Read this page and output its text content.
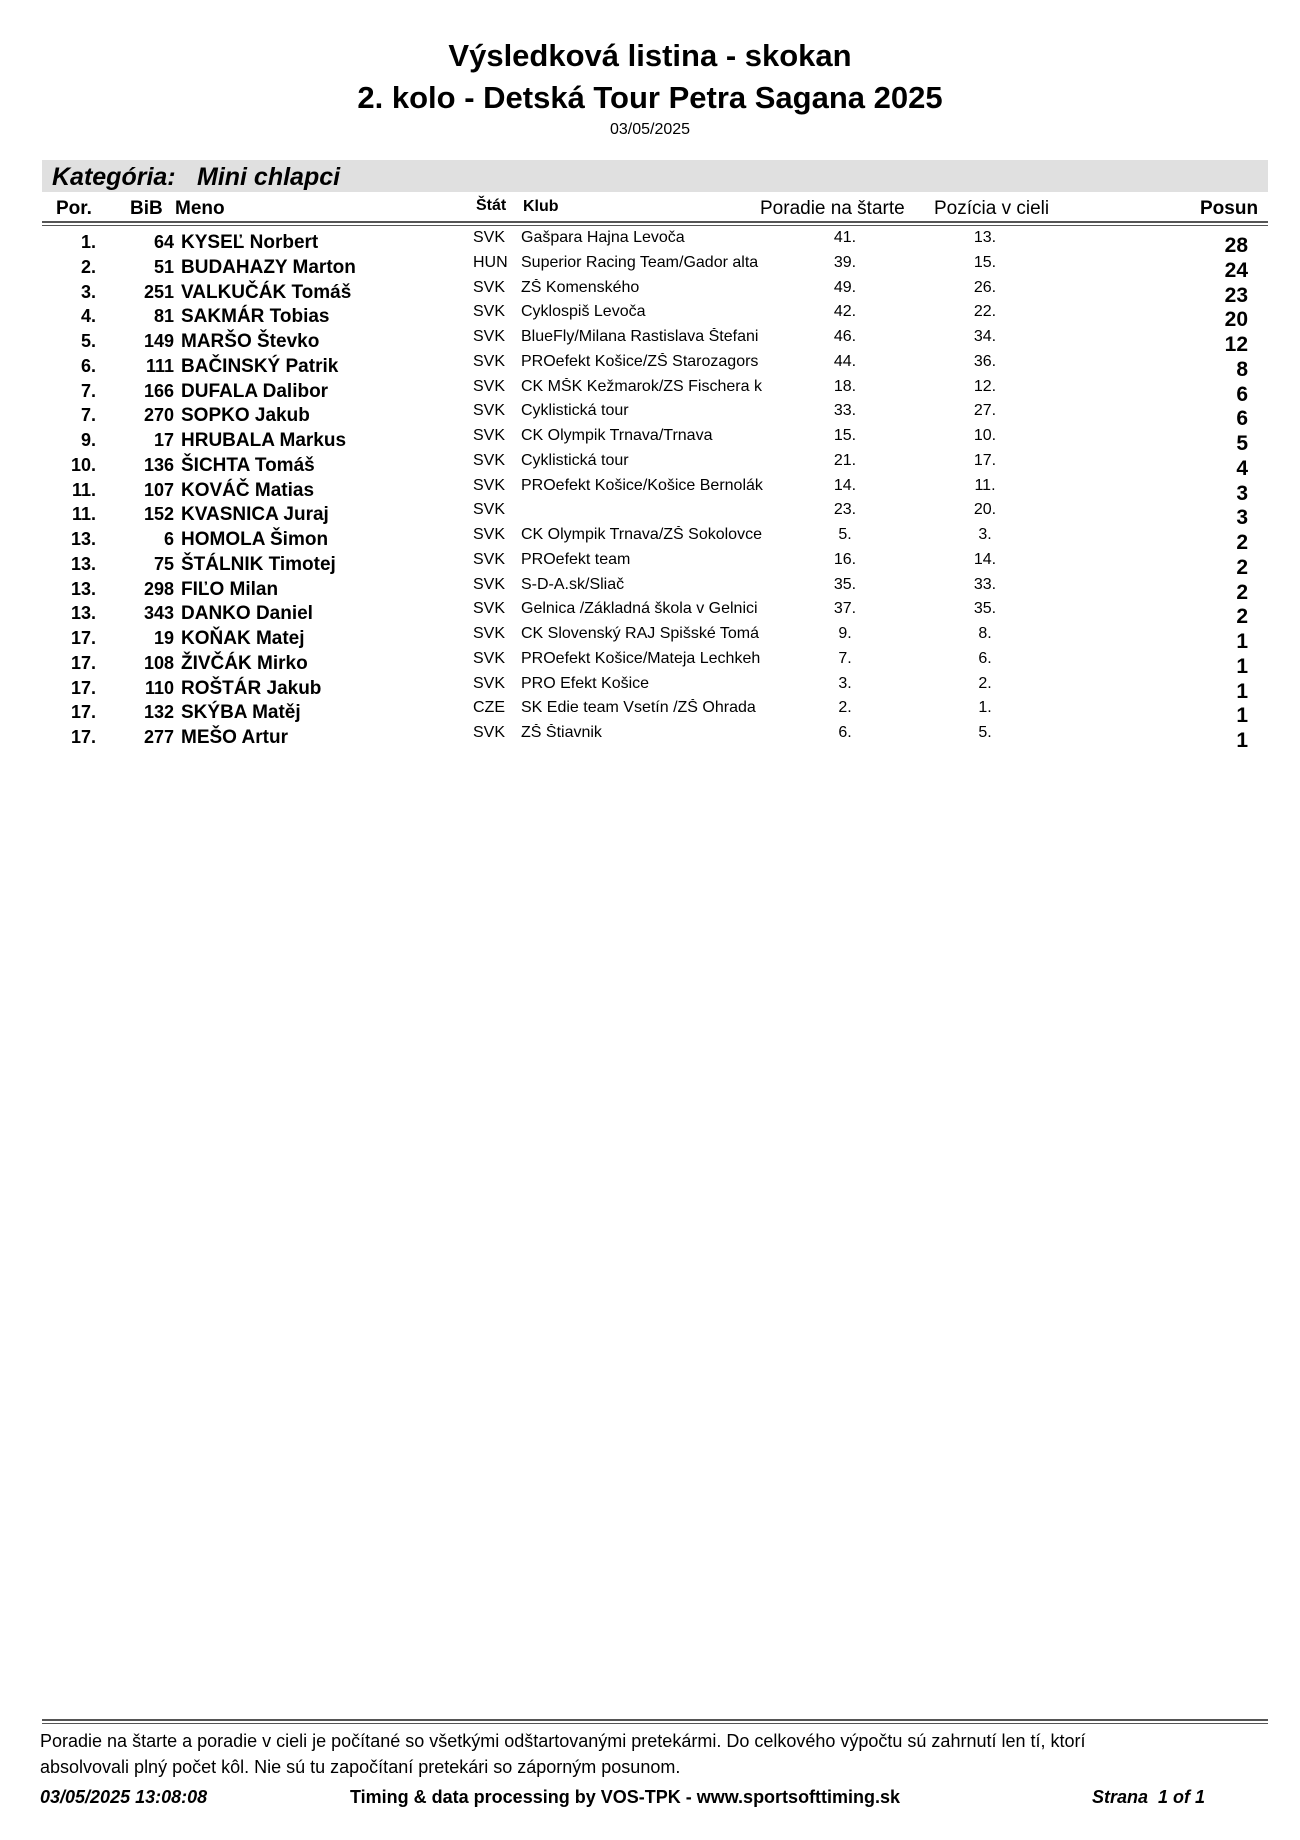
Výsledková listina - skokan
2. kolo - Detská Tour Petra Sagana 2025
03/05/2025
Kategória: Mini chlapci
Por. BiB Meno	Štát Klub	Poradie na štarte Pozícia v cieli	Posun
1.	64 KYSEĽ Norbert	SVK Gašpara Hajna Levoča	41.	13.	28
2.	51 BUDAHAZY Marton	HUN Superior Racing Team/Gador alta	39.	15.	24
3.	251 VALKUČÁK Tomáš	SVK ZŠ Komenského	49.	26.	23
4.	81 SAKMÁR Tobias	SVK Cyklospiš Levoča	42.	22.	20
5.	149 MARŠO Števko	SVK BlueFly/Milana Rastislava Štefani	46.	34.	12
6.	111 BAČINSKÝ Patrik	SVK PROefekt Košice/ZŠ Starozagors	44.	36.	8
7.	166 DUFALA Dalibor	SVK CK MŠK Kežmarok/ZS Fischera k	18.	12.	6
7.	270 SOPKO Jakub	SVK Cyklistická tour	33.	27.	6
9.	17 HRUBALA Markus	SVK CK Olympik Trnava/Trnava	15.	10.	5
10.	136 ŠICHTA Tomáš	SVK Cyklistická tour	21.	17.	4
11.	107 KOVÁČ Matias	SVK PROefekt Košice/Košice Bernolák	14.	11.	3
11.	152 KVASNICA Juraj	SVK	23.	20.	3
13.	6 HOMOLA Šimon	SVK CK Olympik Trnava/ZŠ Sokolovce	5.	3.	2
13.	75 ŠTÁLNIK Timotej	SVK PROefekt team	16.	14.	2
13.	298 FIĽO Milan	SVK S-D-A.sk/Sliač	35.	33.	2
13.	343 DANKO Daniel	SVK Gelnica /Základná škola v Gelnici	37.	35.	2
17.	19 KOŇAK Matej	SVK CK Slovenský RAJ Spišské Tomá	9.	8.	1
17.	108 ŽIVČÁK Mirko	SVK PROefekt Košice/Mateja Lechkeh	7.	6.	1
17.	110 ROŠTÁR Jakub	SVK PRO Efekt Košice	3.	2.	1
17.	132 SKÝBA Matěj	CZE SK Edie team Vsetín /ZŠ Ohrada	2.	1.	1
17.	277 MEŠO Artur	SVK ZŠ Štiavnik	6.	5.	1
Poradie na štarte a poradie v cieli je počítané so všetkými odštartovanými pretekármi. Do celkového výpočtu sú zahrnutí len tí, ktorí
absolvovali plný počet kôl. Nie sú tu započítaní pretekári so záporným posunom.
03/05/2025 13:08:08	Timing & data processing by VOS-TPK - www.sportsofttiming.sk	Strana  1 of 1
